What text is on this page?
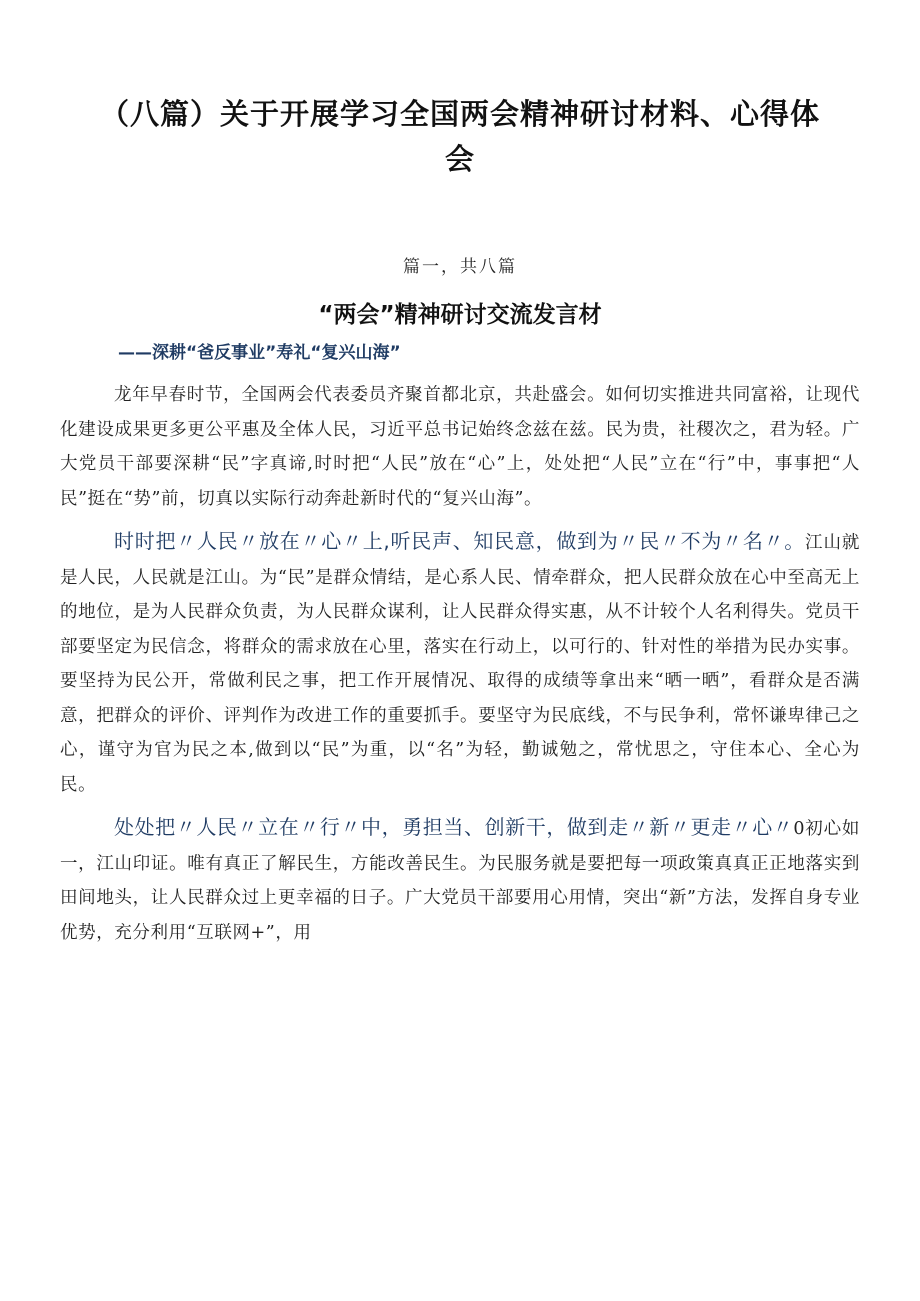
（八篇）关于开展学习全国两会精神研讨材料、心得体会
篇一，共八篇
“两会”精神研讨交流发言材
——深耕“爸反事业”寿礼“复兴山海”

龙年早春时节，全国两会代表委员齐聚首都北京，共赴盛会。如何切实推进共同富裕，让现代化建设成果更多更公平惠及全体人民，习近平总书记始终念兹在兹。民为贵，社稷次之，君为轻。广大党员干部要深耕“民”字真谛,时时把“人民”放在“心”上，处处把“人民”立在“行”中，事事把“人民”挺在“势”前，切真以实际行动奔赴新时代的“复兴山海”。

时时把〃人民〃放在〃心〃上,听民声、知民意，做到为〃民〃不为〃名〃。江山就是人民，人民就是江山。为“民”是群众情结，是心系人民、情牵群众，把人民群众放在心中至高无上的地位，是为人民群众负责，为人民群众谋利，让人民群众得实惠，从不计较个人名利得失。党员干部要坚定为民信念，将群众的需求放在心里，落实在行动上，以可行的、针对性的举措为民办实事。要坚持为民公开，常做利民之事，把工作开展情况、取得的成绩等拿出来“晒一晒”，看群众是否满意，把群众的评价、评判作为改进工作的重要抓手。要坚守为民底线，不与民争利，常怀谦卑律己之心，谨守为官为民之本,做到以“民”为重，以“名”为轻，勤诚勉之，常忧思之，守住本心、全心为民。

处处把〃人民〃立在〃行〃中，勇担当、创新干，做到走〃新〃更走〃心〃0初心如一，江山印证。唯有真正了解民生，方能改善民生。为民服务就是要把每一项政策真真正正地落实到田间地头，让人民群众过上更幸福的日子。广大党员干部要用心用情，突出“新”方法，发挥自身专业优势，充分利用“互联网+”，用
